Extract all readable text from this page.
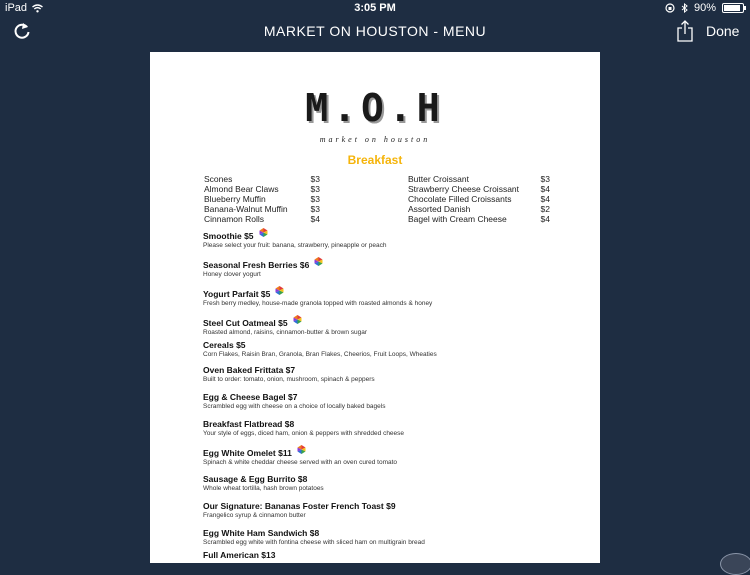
iPad	3:05 PM	90%
MARKET ON HOUSTON - MENU	Done
M.O.H
market on houston
Breakfast
Scones	$3
Almond Bear Claws	$3
Blueberry Muffin	$3
Banana-Walnut Muffin	$3
Cinnamon Rolls	$4
Butter Croissant	$3
Strawberry Cheese Croissant	$4
Chocolate Filled Croissants	$4
Assorted Danish	$2
Bagel with Cream Cheese	$4
Smoothie $5
Please select your fruit: banana, strawberry, pineapple or peach
Seasonal Fresh Berries $6
Honey clover yogurt
Yogurt Parfait $5
Fresh berry medley, house-made granola topped with roasted almonds & honey
Steel Cut Oatmeal $5
Roasted almond, raisins, cinnamon-butter & brown sugar
Cereals $5
Corn Flakes, Raisin Bran, Granola, Bran Flakes, Cheerios, Fruit Loops, Wheaties
Oven Baked Frittata $7
Built to order: tomato, onion, mushroom, spinach & peppers
Egg & Cheese Bagel $7
Scrambled egg with cheese on a choice of locally baked bagels
Breakfast Flatbread $8
Your style of eggs, diced ham, onion & peppers with shredded cheese
Egg White Omelet $11
Spinach & white cheddar cheese served with an oven cured tomato
Sausage & Egg Burrito $8
Whole wheat tortilla, hash brown potatoes
Our Signature: Bananas Foster French Toast $9
Frangelico syrup & cinnamon butter
Egg White Ham Sandwich $8
Scrambled egg white with fontina cheese with sliced ham on multigrain bread
Full American $13
